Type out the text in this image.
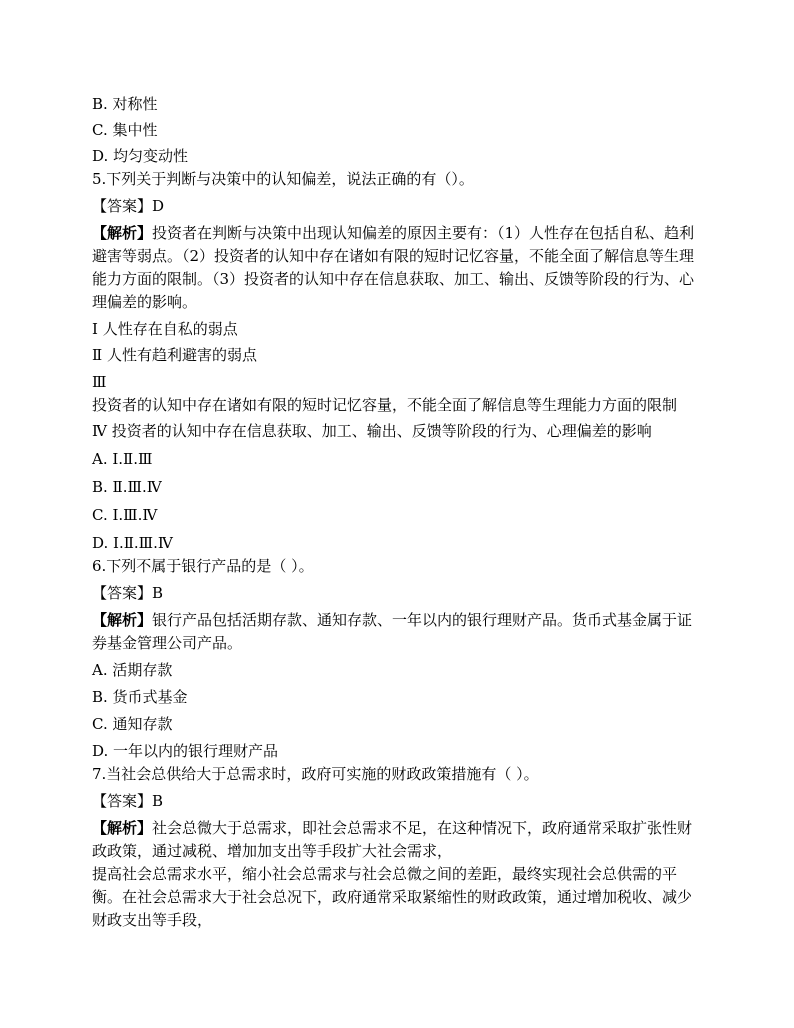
B. 对称性
C. 集中性
D. 均匀变动性
5.下列关于判断与决策中的认知偏差，说法正确的有（）。
【答案】D

【解析】投资者在判断与决策中出现认知偏差的原因主要有：（1）人性存在包括自私、趋利避害等弱点。（2）投资者的认知中存在诸如有限的短时记忆容量，不能全面了解信息等生理能力方面的限制。（3）投资者的认知中存在信息获取、加工、输出、反馈等阶段的行为、心理偏差的影响。

Ⅰ 人性存在自私的弱点
Ⅱ 人性有趋利避害的弱点
Ⅲ
投资者的认知中存在诸如有限的短时记忆容量，不能全面了解信息等生理能力方面的限制
Ⅳ 投资者的认知中存在信息获取、加工、输出、反馈等阶段的行为、心理偏差的影响
A. Ⅰ.Ⅱ.Ⅲ
B. Ⅱ.Ⅲ.Ⅳ
C. Ⅰ.Ⅲ.Ⅳ
D. Ⅰ.Ⅱ.Ⅲ.Ⅳ
6.下列不属于银行产品的是（ ）。
【答案】B

【解析】银行产品包括活期存款、通知存款、一年以内的银行理财产品。货币式基金属于证券基金管理公司产品。

A. 活期存款
B. 货币式基金
C. 通知存款
D. 一年以内的银行理财产品
7.当社会总供给大于总需求时，政府可实施的财政政策措施有（ ）。
【答案】B

【解析】社会总微大于总需求，即社会总需求不足，在这种情况下，政府通常采取扩张性财政政策，通过减税、增加加支出等手段扩大社会需求，

提高社会总需求水平，缩小社会总需求与社会总微之间的差距，最终实现社会总供需的平衡。在社会总需求大于社会总况下，政府通常采取紧缩性的财政政策，通过增加税收、减少财政支出等手段，
